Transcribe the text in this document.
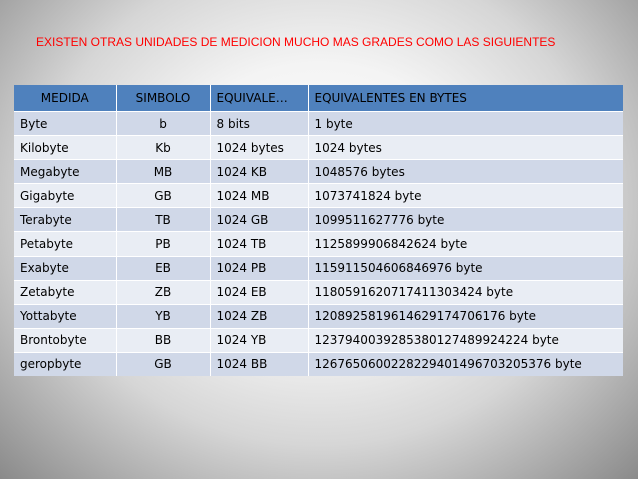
EXISTEN OTRAS UNIDADES DE MEDICION MUCHO MAS GRADES COMO LAS SIGUIENTES
MEDIDA	SIMBOLO	EQUIVALE…	EQUIVALENTES EN BYTES
Byte	b	8 bits	1 byte
Kilobyte	Kb	1024 bytes	1024 bytes
Megabyte	MB	1024 KB	1048576 bytes
Gigabyte	GB	1024 MB	1073741824 byte
Terabyte	TB	1024 GB	1099511627776 byte
Petabyte	PB	1024 TB	1125899906842624 byte
Exabyte	EB	1024 PB	115911504606846976 byte
Zetabyte	ZB	1024 EB	1180591620717411303424 byte
Yottabyte	YB	1024 ZB	1208925819614629174706176 byte
Brontobyte	BB	1024 YB	1237940039285380127489924224 byte
geropbyte	GB	1024 BB	1267650600228229401496703205376 byte
